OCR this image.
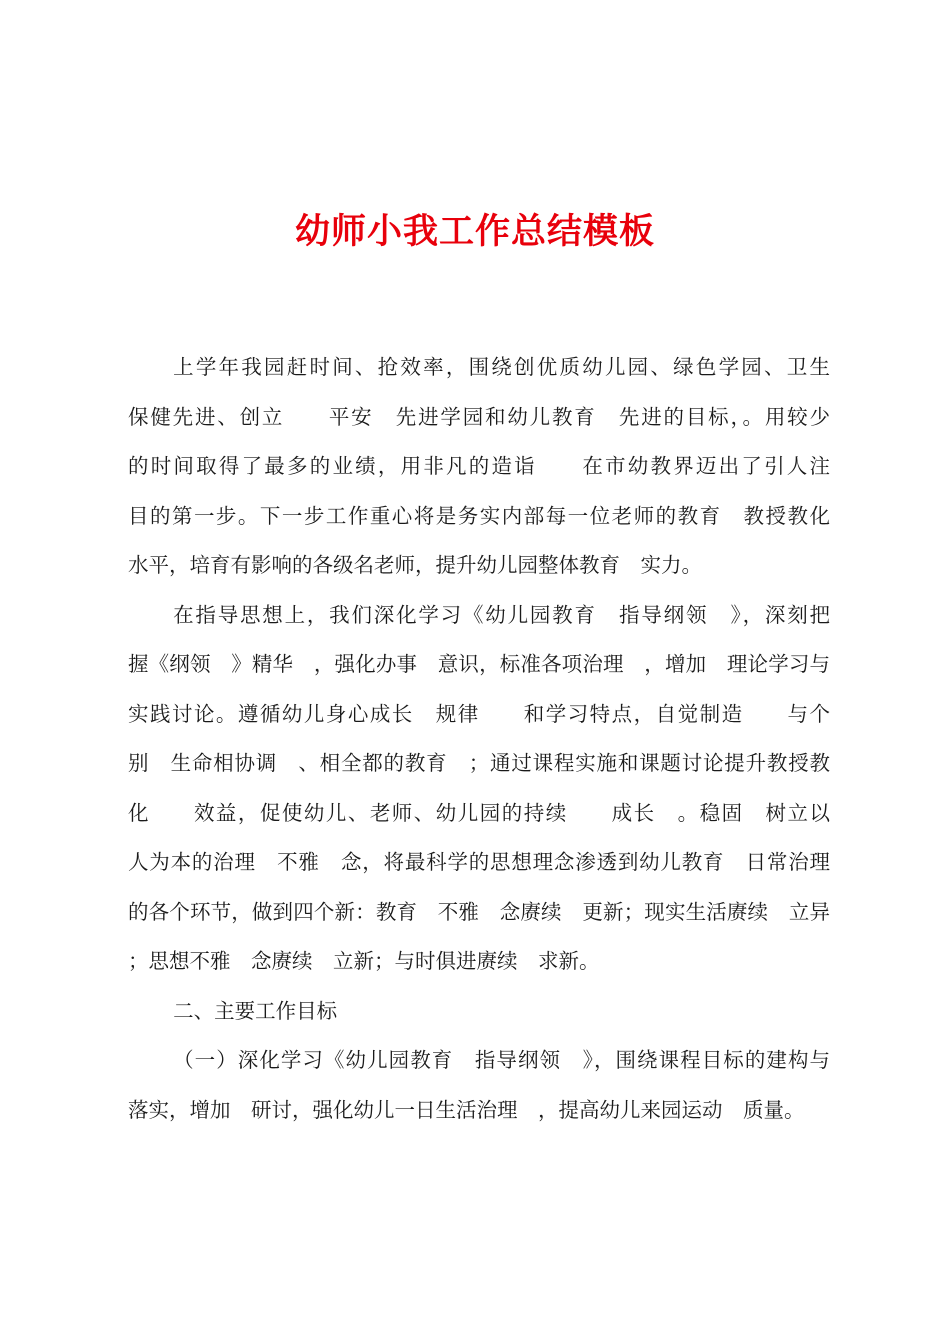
幼师小我工作总结模板
上学年我园赶时间、抢效率，围绕创优质幼儿园、绿色学园、卫生
保健先进、创立　　平安　先进学园和幼儿教育　先进的目标，。用较少
的时间取得了最多的业绩，用非凡的造诣　　在市幼教界迈出了引人注
目的第一步。下一步工作重心将是务实内部每一位老师的教育　教授教化
水平，培育有影响的各级名老师，提升幼儿园整体教育　实力。
在指导思想上，我们深化学习《幼儿园教育　指导纲领　》，深刻把
握《纲领　》精华　，强化办事　意识，标准各项治理　，增加　理论学习与
实践讨论。遵循幼儿身心成长　规律　　和学习特点，自觉制造　　与个
别　生命相协调　、相全都的教育　；通过课程实施和课题讨论提升教授教
化　　效益，促使幼儿、老师、幼儿园的持续　　成长　。稳固　树立以
人为本的治理　不雅　念，将最科学的思想理念渗透到幼儿教育　日常治理
的各个环节，做到四个新：教育　不雅　念赓续　更新；现实生活赓续　立异
；思想不雅　念赓续　立新；与时俱进赓续　求新。
二、主要工作目标
（一）深化学习《幼儿园教育　指导纲领　》，围绕课程目标的建构与
落实，增加　研讨，强化幼儿一日生活治理　，提高幼儿来园运动　质量。
